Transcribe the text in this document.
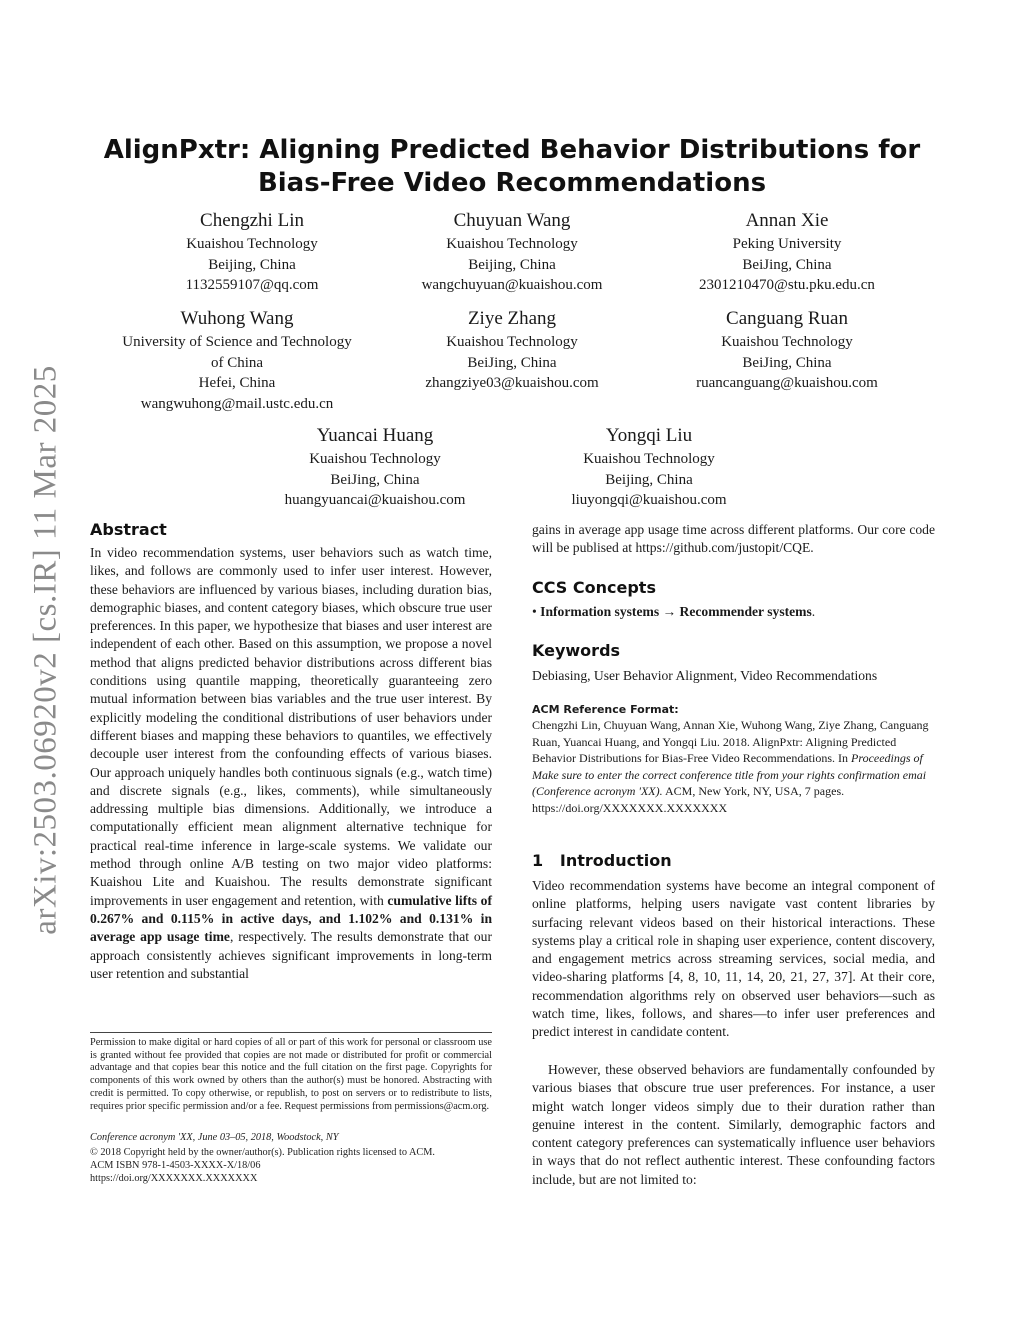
arXiv:2503.06920v2 [cs.IR] 11 Mar 2025
AlignPxtr: Aligning Predicted Behavior Distributions for
Bias-Free Video Recommendations
Chengzhi Lin
Kuaishou Technology
Beijing, China
1132559107@qq.com
Chuyuan Wang
Kuaishou Technology
Beijing, China
wangchuyuan@kuaishou.com
Annan Xie
Peking University
BeiJing, China
2301210470@stu.pku.edu.cn
Wuhong Wang
University of Science and Technology
of China
Hefei, China
wangwuhong@mail.ustc.edu.cn
Ziye Zhang
Kuaishou Technology
BeiJing, China
zhangziye03@kuaishou.com
Canguang Ruan
Kuaishou Technology
BeiJing, China
ruancanguang@kuaishou.com
Yuancai Huang
Kuaishou Technology
BeiJing, China
huangyuancai@kuaishou.com
Yongqi Liu
Kuaishou Technology
Beijing, China
liuyongqi@kuaishou.com
Abstract
In video recommendation systems, user behaviors such as watch time, likes, and follows are commonly used to infer user interest. However, these behaviors are influenced by various biases, including duration bias, demographic biases, and content category biases, which obscure true user preferences. In this paper, we hypothesize that biases and user interest are independent of each other. Based on this assumption, we propose a novel method that aligns predicted behavior distributions across different bias conditions using quantile mapping, theoretically guaranteeing zero mutual information between bias variables and the true user interest. By explicitly modeling the conditional distributions of user behaviors under different biases and mapping these behaviors to quantiles, we effectively decouple user interest from the confounding effects of various biases. Our approach uniquely handles both continuous signals (e.g., watch time) and discrete signals (e.g., likes, comments), while simultaneously addressing multiple bias dimensions. Additionally, we introduce a computationally efficient mean alignment alternative technique for practical real-time inference in large-scale systems. We validate our method through online A/B testing on two major video platforms: Kuaishou Lite and Kuaishou. The results demonstrate significant improvements in user engagement and retention, with cumulative lifts of 0.267% and 0.115% in active days, and 1.102% and 0.131% in average app usage time, respectively. The results demonstrate that our approach consistently achieves significant improvements in long-term user retention and substantial
Permission to make digital or hard copies of all or part of this work for personal or classroom use is granted without fee provided that copies are not made or distributed for profit or commercial advantage and that copies bear this notice and the full citation on the first page. Copyrights for components of this work owned by others than the author(s) must be honored. Abstracting with credit is permitted. To copy otherwise, or republish, to post on servers or to redistribute to lists, requires prior specific permission and/or a fee. Request permissions from permissions@acm.org.
Conference acronym 'XX, June 03–05, 2018, Woodstock, NY
© 2018 Copyright held by the owner/author(s). Publication rights licensed to ACM.
ACM ISBN 978-1-4503-XXXX-X/18/06
https://doi.org/XXXXXXX.XXXXXXX
gains in average app usage time across different platforms. Our core code will be publised at https://github.com/justopit/CQE.
CCS Concepts
• Information systems → Recommender systems.
Keywords
Debiasing, User Behavior Alignment, Video Recommendations
ACM Reference Format:
Chengzhi Lin, Chuyuan Wang, Annan Xie, Wuhong Wang, Ziye Zhang, Canguang Ruan, Yuancai Huang, and Yongqi Liu. 2018. AlignPxtr: Aligning Predicted Behavior Distributions for Bias-Free Video Recommendations. In Proceedings of Make sure to enter the correct conference title from your rights confirmation emai (Conference acronym 'XX). ACM, New York, NY, USA, 7 pages. https://doi.org/XXXXXXX.XXXXXXX
1 Introduction
Video recommendation systems have become an integral component of online platforms, helping users navigate vast content libraries by surfacing relevant videos based on their historical interactions. These systems play a critical role in shaping user experience, content discovery, and engagement metrics across streaming services, social media, and video-sharing platforms [4, 8, 10, 11, 14, 20, 21, 27, 37]. At their core, recommendation algorithms rely on observed user behaviors—such as watch time, likes, follows, and shares—to infer user preferences and predict interest in candidate content.
However, these observed behaviors are fundamentally confounded by various biases that obscure true user preferences. For instance, a user might watch longer videos simply due to their duration rather than genuine interest in the content. Similarly, demographic factors and content category preferences can systematically influence user behaviors in ways that do not reflect authentic interest. These confounding factors include, but are not limited to:
